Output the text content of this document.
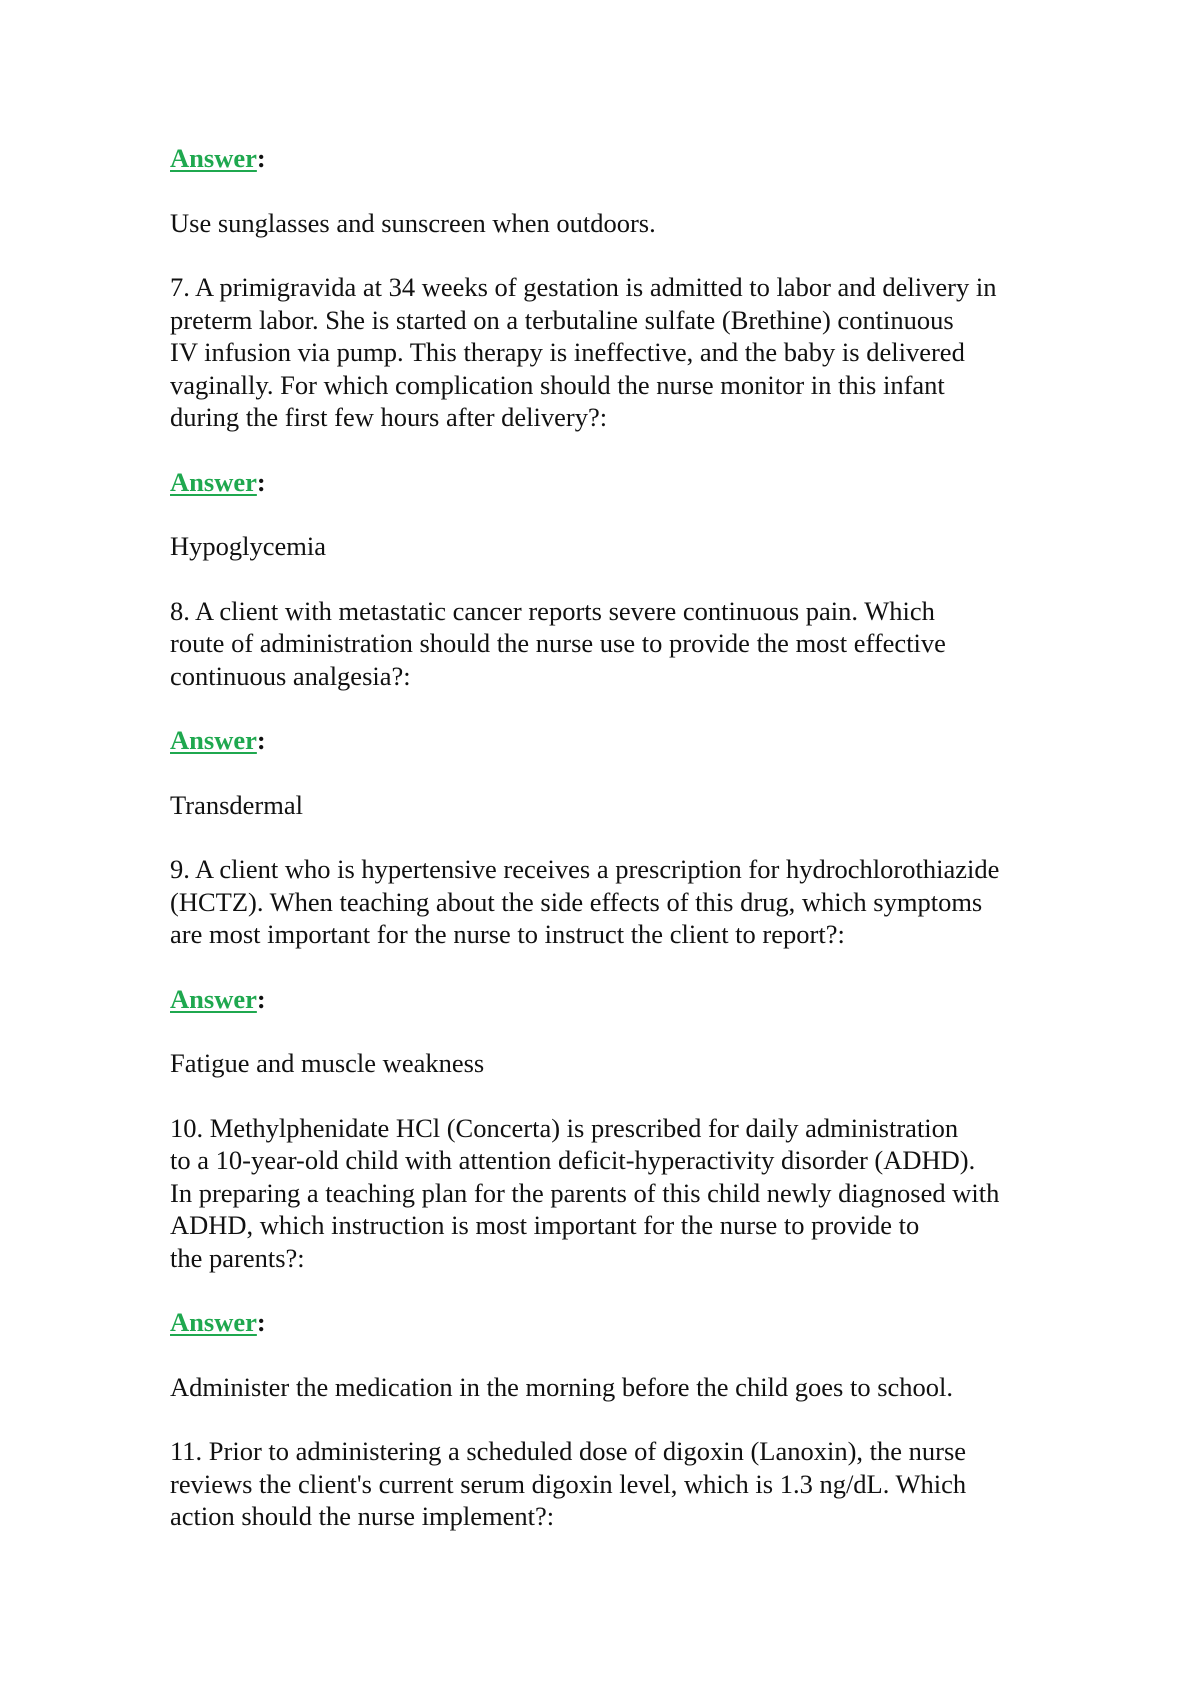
Answer:
Use sunglasses and sunscreen when outdoors.
7. A primigravida at 34 weeks of gestation is admitted to labor and delivery in
preterm labor. She is started on a terbutaline sulfate (Brethine) continuous
IV infusion via pump. This therapy is ineffective, and the baby is delivered
vaginally. For which complication should the nurse monitor in this infant
during the first few hours after delivery?:
Answer:
Hypoglycemia
8. A client with metastatic cancer reports severe continuous pain. Which
route of administration should the nurse use to provide the most effective
continuous analgesia?:
Answer:
Transdermal
9. A client who is hypertensive receives a prescription for hydrochlorothiazide
(HCTZ). When teaching about the side effects of this drug, which symptoms
are most important for the nurse to instruct the client to report?:
Answer:
Fatigue and muscle weakness
10. Methylphenidate HCl (Concerta) is prescribed for daily administration
to a 10-year-old child with attention deficit-hyperactivity disorder (ADHD).
In preparing a teaching plan for the parents of this child newly diagnosed with
ADHD, which instruction is most important for the nurse to provide to
the parents?:
Answer:
Administer the medication in the morning before the child goes to school.
11. Prior to administering a scheduled dose of digoxin (Lanoxin), the nurse
reviews the client's current serum digoxin level, which is 1.3 ng/dL. Which
action should the nurse implement?:
